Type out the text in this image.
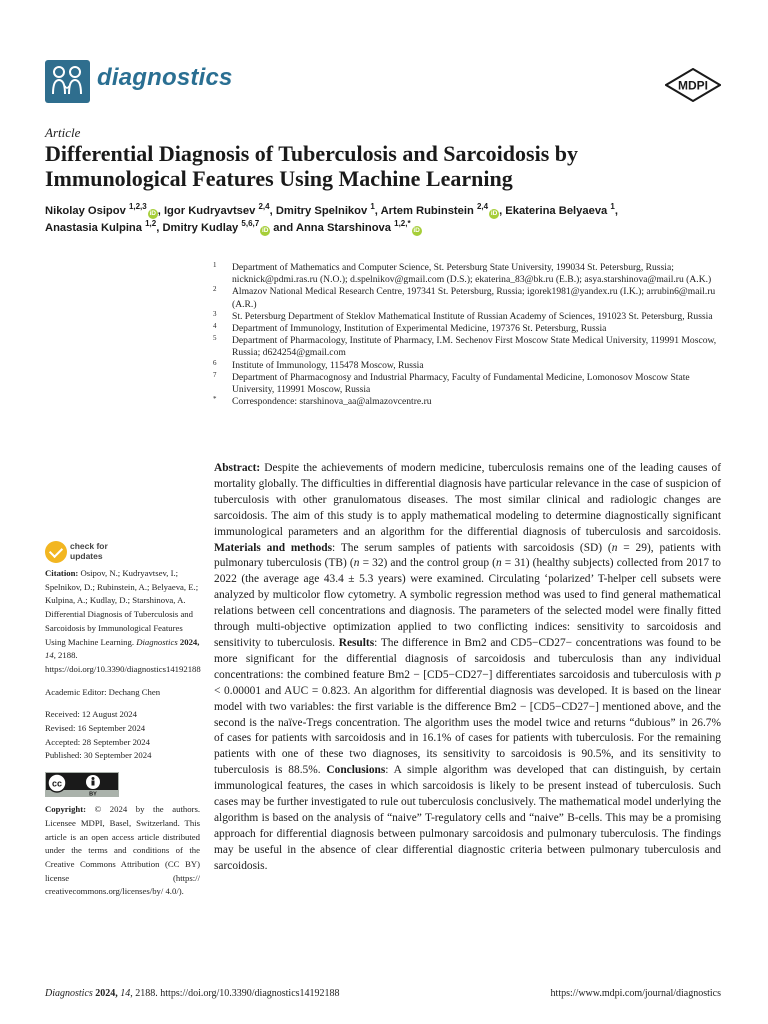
diagnostics	MDPI
Article
Differential Diagnosis of Tuberculosis and Sarcoidosis by Immunological Features Using Machine Learning
Nikolay Osipov $^{1,2,3}$iD , Igor Kudryavtsev $^{2,4}$, Dmitry Spelnikov $^1$, Artem Rubinstein $^{2,4}$iD , Ekaterina Belyaeva $^1$,
Anastasia Kulpina $^{1,2}$, Dmitry Kudlay $^{5,6,7}$iD and Anna Starshinova $^{1,2,*}$iD
1 Department of Mathematics and Computer Science, St. Petersburg State University, 199034 St. Petersburg, Russia; nicknick@pdmi.ras.ru (N.O.); d.spelnikov@gmail.com (D.S.); ekaterina_83@bk.ru (E.B.); asya.starshinova@mail.ru (A.K.)
2 Almazov National Medical Research Centre, 197341 St. Petersburg, Russia; igorek1981@yandex.ru (I.K.); arrubin6@mail.ru (A.R.)
3 St. Petersburg Department of Steklov Mathematical Institute of Russian Academy of Sciences, 191023 St. Petersburg, Russia
4 Department of Immunology, Institution of Experimental Medicine, 197376 St. Petersburg, Russia
5 Department of Pharmacology, Institute of Pharmacy, I.M. Sechenov First Moscow State Medical University, 119991 Moscow, Russia; d624254@gmail.com
6 Institute of Immunology, 115478 Moscow, Russia
7 Department of Pharmacognosy and Industrial Pharmacy, Faculty of Fundamental Medicine, Lomonosov Moscow State University, 119991 Moscow, Russia
* Correspondence: starshinova_aa@almazovcentre.ru
check for
updates
Citation: Osipov, N.; Kudryavtsev, I.; Spelnikov, D.; Rubinstein, A.; Belyaeva, E.; Kulpina, A.; Kudlay, D.; Starshinova, A. Differential Diagnosis of Tuberculosis and Sarcoidosis by Immunological Features Using Machine Learning. Diagnostics 2024, 14, 2188. https://doi.org/10.3390/diagnostics14192188
Academic Editor: Dechang Chen
Received: 12 August 2024
Revised: 16 September 2024
Accepted: 28 September 2024
Published: 30 September 2024
cc
BY
Copyright: © 2024 by the authors. Licensee MDPI, Basel, Switzerland. This article is an open access article distributed under the terms and conditions of the Creative Commons Attribution (CC BY) license (https:// creativecommons.org/licenses/by/ 4.0/).
Abstract: Despite the achievements of modern medicine, tuberculosis remains one of the leading causes of mortality globally. The difficulties in differential diagnosis have particular relevance in the case of suspicion of tuberculosis with other granulomatous diseases. The most similar clinical and radiologic changes are sarcoidosis. The aim of this study is to apply mathematical modeling to determine diagnostically significant immunological parameters and an algorithm for the differential diagnosis of tuberculosis and sarcoidosis. Materials and methods: The serum samples of patients with sarcoidosis (SD) (n = 29), patients with pulmonary tuberculosis (TB) (n = 32) and the control group (n = 31) (healthy subjects) collected from 2017 to 2022 (the average age 43.4 ± 5.3 years) were examined. Circulating ‘polarized’ T-helper cell subsets were analyzed by multicolor flow cytometry. A symbolic regression method was used to find general mathematical relations between cell concentrations and diagnosis. The parameters of the selected model were finally fitted through multi-objective optimization applied to two conflicting indices: sensitivity to sarcoidosis and sensitivity to tuberculosis. Results: The difference in Bm2 and CD5−CD27− concentrations was found to be more significant for the differential diagnosis of sarcoidosis and tuberculosis than any individual concentrations: the combined feature Bm2 − [CD5−CD27−] differentiates sarcoidosis and tuberculosis with p < 0.00001 and AUC = 0.823. An algorithm for differential diagnosis was developed. It is based on the linear model with two variables: the first variable is the difference Bm2 − [CD5−CD27−] mentioned above, and the second is the naïve-Tregs concentration. The algorithm uses the model twice and returns “dubious” in 26.7% of cases for patients with sarcoidosis and in 16.1% of cases for patients with tuberculosis. For the remaining patients with one of these two diagnoses, its sensitivity to sarcoidosis is 90.5%, and its sensitivity to tuberculosis is 88.5%. Conclusions: A simple algorithm was developed that can distinguish, by certain immunological features, the cases in which sarcoidosis is likely to be present instead of tuberculosis. Such cases may be further investigated to rule out tuberculosis conclusively. The mathematical model underlying the algorithm is based on the analysis of “naive” T-regulatory cells and “naive” B-cells. This may be a promising approach for differential diagnosis between pulmonary sarcoidosis and pulmonary tuberculosis. The findings may be useful in the absence of clear differential diagnostic criteria between pulmonary tuberculosis and sarcoidosis.
Diagnostics 2024, 14, 2188. https://doi.org/10.3390/diagnostics14192188	https://www.mdpi.com/journal/diagnostics
